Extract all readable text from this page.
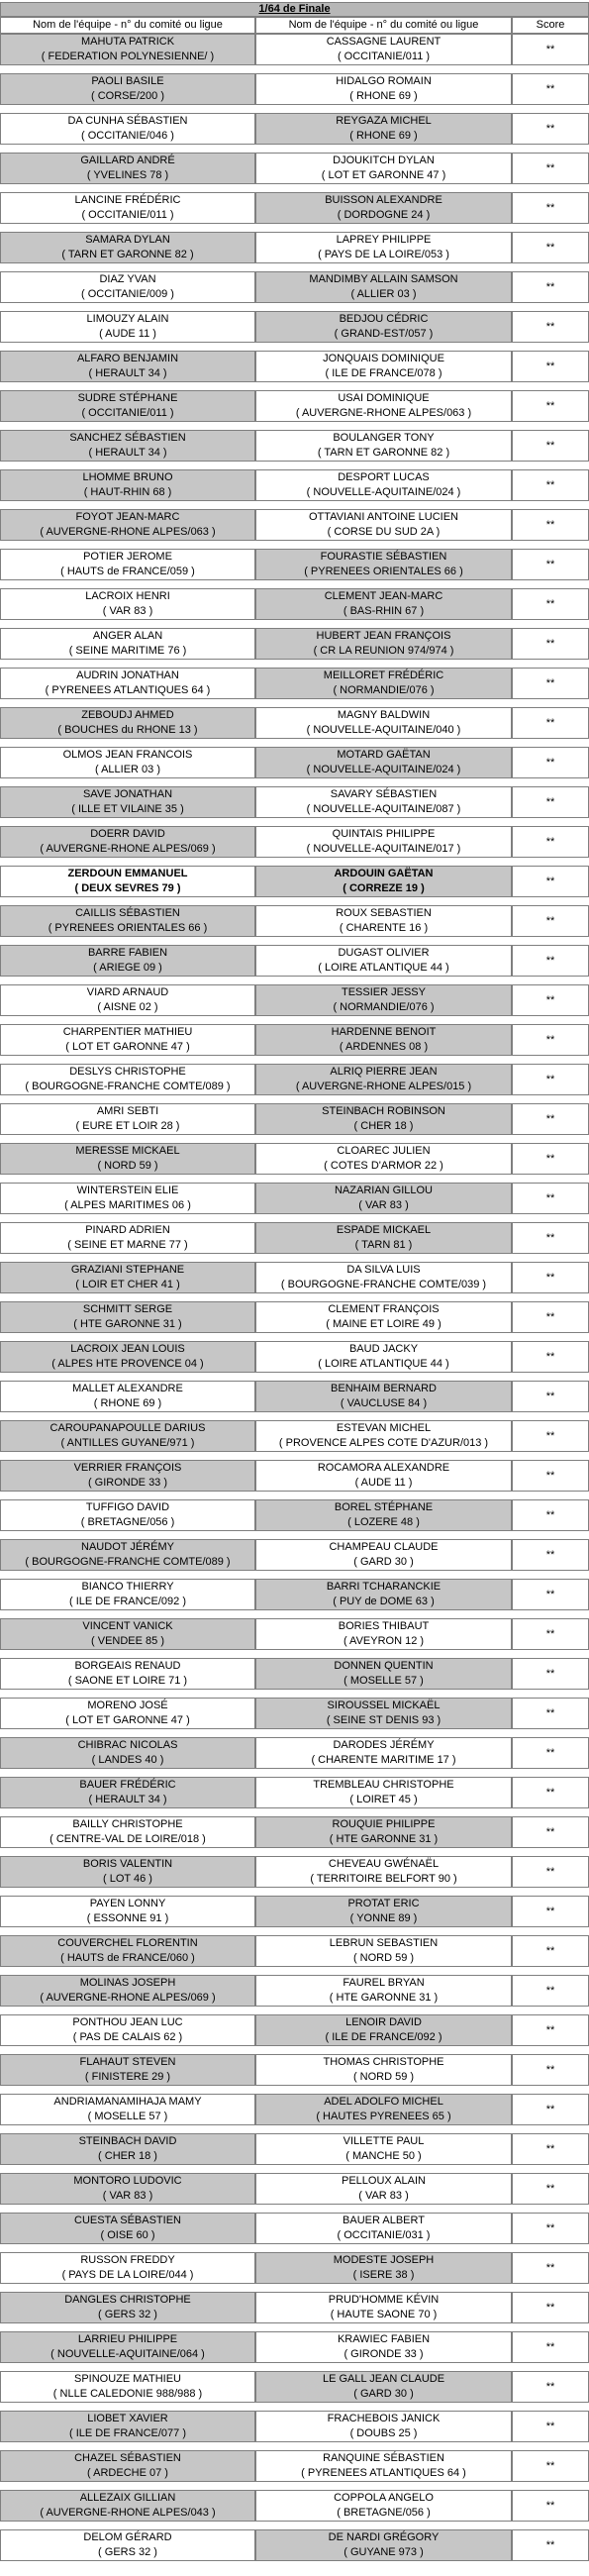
1/64 de Finale
Nom de l'équipe - n° du comité ou ligue	Nom de l'équipe - n° du comité ou ligue	Score
MAHUTA PATRICK
( FEDERATION POLYNESIENNE/ )
CASSAGNE LAURENT
( OCCITANIE/011 )
**
PAOLI BASILE
( CORSE/200 )
HIDALGO ROMAIN
( RHONE 69 )
**
DA CUNHA SÉBASTIEN
( OCCITANIE/046 )
REYGAZA MICHEL
( RHONE 69 )
**
GAILLARD ANDRÉ
( YVELINES 78 )
DJOUKITCH DYLAN
( LOT ET GARONNE 47 )
**
LANCINE FRÉDÉRIC
( OCCITANIE/011 )
BUISSON ALEXANDRE
( DORDOGNE 24 )
**
SAMARA DYLAN
( TARN ET GARONNE 82 )
LAPREY PHILIPPE
( PAYS DE LA LOIRE/053 )
**
DIAZ YVAN
( OCCITANIE/009 )
MANDIMBY ALLAIN SAMSON
( ALLIER 03 )
**
LIMOUZY ALAIN
( AUDE 11 )
BEDJOU CÉDRIC
( GRAND-EST/057 )
**
ALFARO BENJAMIN
( HERAULT 34 )
JONQUAIS DOMINIQUE
( ILE DE FRANCE/078 )
**
SUDRE STÉPHANE
( OCCITANIE/011 )
USAI DOMINIQUE
( AUVERGNE-RHONE ALPES/063 )
**
SANCHEZ SÉBASTIEN
( HERAULT 34 )
BOULANGER TONY
( TARN ET GARONNE 82 )
**
LHOMME BRUNO
( HAUT-RHIN 68 )
DESPORT LUCAS
( NOUVELLE-AQUITAINE/024 )
**
FOYOT JEAN-MARC
( AUVERGNE-RHONE ALPES/063 )
OTTAVIANI ANTOINE LUCIEN
( CORSE DU SUD 2A )
**
POTIER JEROME
( HAUTS de FRANCE/059 )
FOURASTIE SÉBASTIEN
( PYRENEES ORIENTALES 66 )
**
LACROIX HENRI
( VAR 83 )
CLEMENT JEAN-MARC
( BAS-RHIN 67 )
**
ANGER ALAN
( SEINE MARITIME 76 )
HUBERT JEAN FRANÇOIS
( CR LA REUNION 974/974 )
**
AUDRIN JONATHAN
( PYRENEES ATLANTIQUES 64 )
MEILLORET FRÉDÉRIC
( NORMANDIE/076 )
**
ZEBOUDJ AHMED
( BOUCHES du RHONE 13 )
MAGNY BALDWIN
( NOUVELLE-AQUITAINE/040 )
**
OLMOS JEAN FRANCOIS
( ALLIER 03 )
MOTARD GAËTAN
( NOUVELLE-AQUITAINE/024 )
**
SAVE JONATHAN
( ILLE ET VILAINE 35 )
SAVARY SÉBASTIEN
( NOUVELLE-AQUITAINE/087 )
**
DOERR DAVID
( AUVERGNE-RHONE ALPES/069 )
QUINTAIS PHILIPPE
( NOUVELLE-AQUITAINE/017 )
**
ZERDOUN EMMANUEL
( DEUX SEVRES 79 )
ARDOUIN GAËTAN
( CORREZE 19 )
**
CAILLIS SÉBASTIEN
( PYRENEES ORIENTALES 66 )
ROUX SEBASTIEN
( CHARENTE 16 )
**
BARRE FABIEN
( ARIEGE 09 )
DUGAST OLIVIER
( LOIRE ATLANTIQUE 44 )
**
VIARD ARNAUD
( AISNE 02 )
TESSIER JESSY
( NORMANDIE/076 )
**
CHARPENTIER MATHIEU
( LOT ET GARONNE 47 )
HARDENNE BENOIT
( ARDENNES 08 )
**
DESLYS CHRISTOPHE
( BOURGOGNE-FRANCHE COMTE/089 )
ALRIQ PIERRE JEAN
( AUVERGNE-RHONE ALPES/015 )
**
AMRI SEBTI
( EURE ET LOIR 28 )
STEINBACH ROBINSON
( CHER 18 )
**
MERESSE MICKAEL
( NORD 59 )
CLOAREC JULIEN
( COTES D'ARMOR 22 )
**
WINTERSTEIN ELIE
( ALPES MARITIMES 06 )
NAZARIAN GILLOU
( VAR 83 )
**
PINARD ADRIEN
( SEINE ET MARNE 77 )
ESPADE MICKAEL
( TARN 81 )
**
GRAZIANI STEPHANE
( LOIR ET CHER 41 )
DA SILVA LUIS
( BOURGOGNE-FRANCHE COMTE/039 )
**
SCHMITT SERGE
( HTE GARONNE 31 )
CLEMENT FRANÇOIS
( MAINE ET LOIRE 49 )
**
LACROIX JEAN LOUIS
( ALPES HTE PROVENCE 04 )
BAUD JACKY
( LOIRE ATLANTIQUE 44 )
**
MALLET ALEXANDRE
( RHONE 69 )
BENHAIM BERNARD
( VAUCLUSE 84 )
**
CAROUPANAPOULLE DARIUS
( ANTILLES GUYANE/971 )
ESTEVAN MICHEL
( PROVENCE ALPES COTE D'AZUR/013 )
**
VERRIER FRANÇOIS
( GIRONDE 33 )
ROCAMORA ALEXANDRE
( AUDE 11 )
**
TUFFIGO DAVID
( BRETAGNE/056 )
BOREL STÉPHANE
( LOZERE 48 )
**
NAUDOT JÉRÉMY
( BOURGOGNE-FRANCHE COMTE/089 )
CHAMPEAU CLAUDE
( GARD 30 )
**
BIANCO THIERRY
( ILE DE FRANCE/092 )
BARRI TCHARANCKIE
( PUY de DOME 63 )
**
VINCENT VANICK
( VENDEE 85 )
BORIES THIBAUT
( AVEYRON 12 )
**
BORGEAIS RENAUD
( SAONE ET LOIRE 71 )
DONNEN QUENTIN
( MOSELLE 57 )
**
MORENO JOSÉ
( LOT ET GARONNE 47 )
SIROUSSEL MICKAËL
( SEINE ST DENIS 93 )
**
CHIBRAC NICOLAS
( LANDES 40 )
DARODES JÉRÉMY
( CHARENTE MARITIME 17 )
**
BAUER FRÉDÉRIC
( HERAULT 34 )
TREMBLEAU CHRISTOPHE
( LOIRET 45 )
**
BAILLY CHRISTOPHE
( CENTRE-VAL DE LOIRE/018 )
ROUQUIE PHILIPPE
( HTE GARONNE 31 )
**
BORIS VALENTIN
( LOT 46 )
CHEVEAU GWÉNAËL
( TERRITOIRE BELFORT 90 )
**
PAYEN LONNY
( ESSONNE 91 )
PROTAT ERIC
( YONNE 89 )
**
COUVERCHEL FLORENTIN
( HAUTS de FRANCE/060 )
LEBRUN SEBASTIEN
( NORD 59 )
**
MOLINAS JOSEPH
( AUVERGNE-RHONE ALPES/069 )
FAUREL BRYAN
( HTE GARONNE 31 )
**
PONTHOU JEAN LUC
( PAS DE CALAIS 62 )
LENOIR DAVID
( ILE DE FRANCE/092 )
**
FLAHAUT STEVEN
( FINISTERE 29 )
THOMAS CHRISTOPHE
( NORD 59 )
**
ANDRIAMANAMIHAJA MAMY
( MOSELLE 57 )
ADEL ADOLFO MICHEL
( HAUTES PYRENEES 65 )
**
STEINBACH DAVID
( CHER 18 )
VILLETTE PAUL
( MANCHE 50 )
**
MONTORO LUDOVIC
( VAR 83 )
PELLOUX ALAIN
( VAR 83 )
**
CUESTA SÉBASTIEN
( OISE 60 )
BAUER ALBERT
( OCCITANIE/031 )
**
RUSSON FREDDY
( PAYS DE LA LOIRE/044 )
MODESTE JOSEPH
( ISERE 38 )
**
DANGLES CHRISTOPHE
( GERS 32 )
PRUD'HOMME KÉVIN
( HAUTE SAONE 70 )
**
LARRIEU PHILIPPE
( NOUVELLE-AQUITAINE/064 )
KRAWIEC FABIEN
( GIRONDE 33 )
**
SPINOUZE MATHIEU
( NLLE CALEDONIE 988/988 )
LE GALL JEAN CLAUDE
( GARD 30 )
**
LIOBET XAVIER
( ILE DE FRANCE/077 )
FRACHEBOIS JANICK
( DOUBS 25 )
**
CHAZEL SÉBASTIEN
( ARDECHE 07 )
RANQUINE SÉBASTIEN
( PYRENEES ATLANTIQUES 64 )
**
ALLEZAIX GILLIAN
( AUVERGNE-RHONE ALPES/043 )
COPPOLA ANGELO
( BRETAGNE/056 )
**
DELOM GÉRARD
( GERS 32 )
DE NARDI GRÉGORY
( GUYANE 973 )
**
